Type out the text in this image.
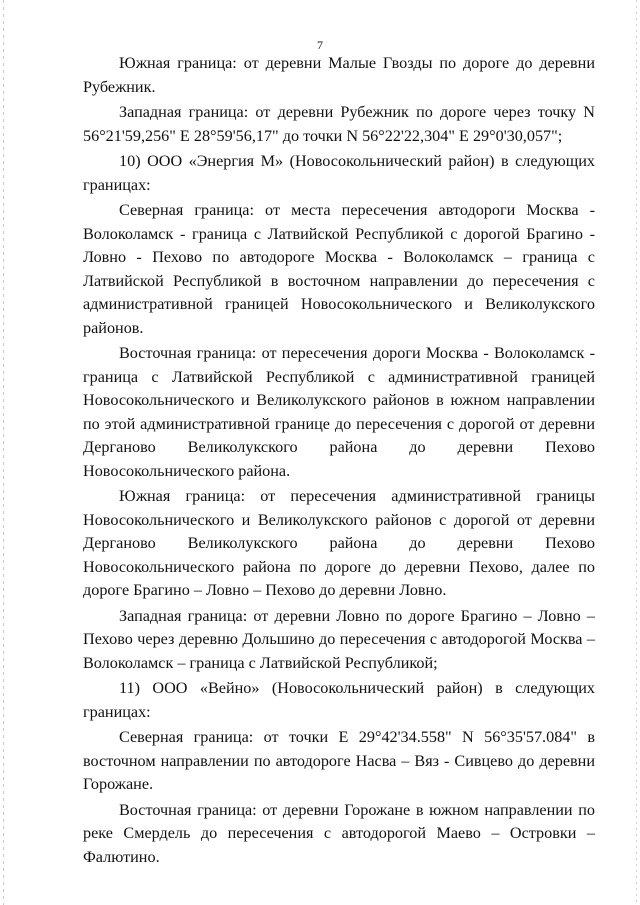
7

Южная граница: от деревни Малые Гвозды по дороге до деревни Рубежник.

Западная граница: от деревни Рубежник по дороге через точку N 56°21'59,256" E 28°59'56,17" до точки N 56°22'22,304" E 29°0'30,057";

10) ООО «Энергия М» (Новосокольнический район) в следующих границах:

Северная граница: от места пересечения автодороги Москва - Волоколамск - граница с Латвийской Республикой с дорогой Брагино - Ловно - Пехово по автодороге Москва - Волоколамск – граница с Латвийской Республикой в восточном направлении до пересечения с административной границей Новосокольнического и Великолукского районов.

Восточная граница: от пересечения дороги Москва - Волоколамск - граница с Латвийской Республикой с административной границей Новосокольнического и Великолукского районов в южном направлении по этой административной границе до пересечения с дорогой от деревни Дерганово Великолукского района до деревни Пехово Новосокольнического района.

Южная граница: от пересечения административной границы Новосокольнического и Великолукского районов с дорогой от деревни Дерганово Великолукского района до деревни Пехово Новосокольнического района по дороге до деревни Пехово, далее по дороге Брагино – Ловно – Пехово до деревни Ловно.

Западная граница: от деревни Ловно по дороге Брагино – Ловно – Пехово через деревню Дольшино до пересечения с автодорогой Москва – Волоколамск – граница с Латвийской Республикой;

11) ООО «Вейно» (Новосокольнический район) в следующих границах:

Северная граница: от точки E 29°42'34.558" N 56°35'57.084" в восточном направлении по автодороге Насва – Вяз - Сивцево до деревни Горожане.

Восточная граница: от деревни Горожане в южном направлении по реке Смердель до пересечения с автодорогой Маево – Островки – Фалютино.
